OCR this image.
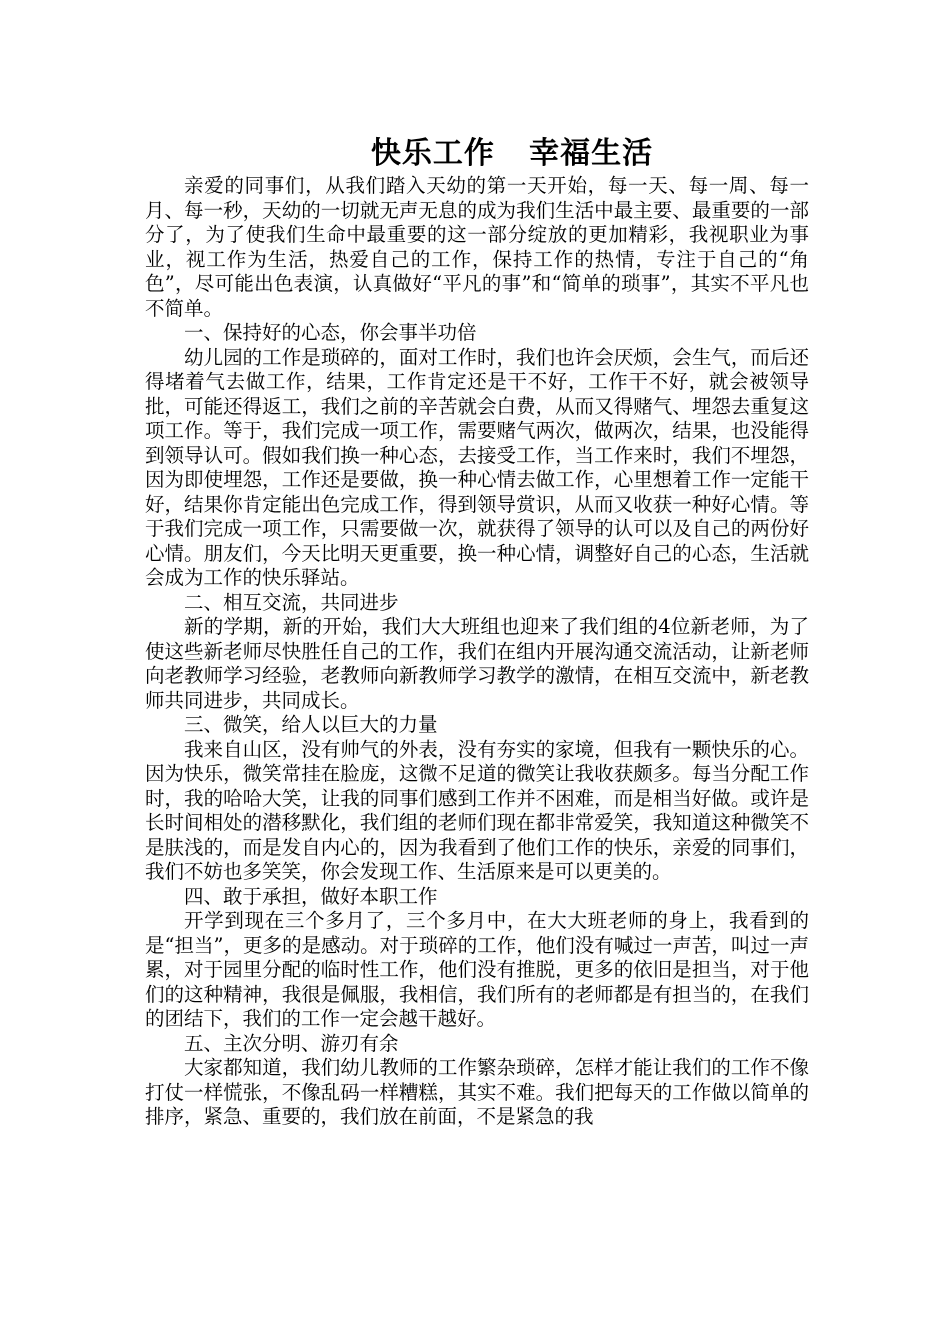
快乐工作   幸福生活

亲爱的同事们，从我们踏入天幼的第一天开始，每一天、每一周、每一月、每一秒，天幼的一切就无声无息的成为我们生活中最主要、最重要的一部分了，为了使我们生命中最重要的这一部分绽放的更加精彩，我视职业为事业，视工作为生活，热爱自己的工作，保持工作的热情，专注于自己的“角色”，尽可能出色表演，认真做好“平凡的事”和“简单的琐事”，其实不平凡也不简单。

一、保持好的心态，你会事半功倍

幼儿园的工作是琐碎的，面对工作时，我们也许会厌烦，会生气，而后还得堵着气去做工作，结果，工作肯定还是干不好，工作干不好，就会被领导批，可能还得返工，我们之前的辛苦就会白费，从而又得赌气、埋怨去重复这项工作。等于，我们完成一项工作，需要赌气两次，做两次，结果，也没能得到领导认可。假如我们换一种心态，去接受工作，当工作来时，我们不埋怨，因为即使埋怨，工作还是要做，换一种心情去做工作，心里想着工作一定能干好，结果你肯定能出色完成工作，得到领导赏识，从而又收获一种好心情。等于我们完成一项工作，只需要做一次，就获得了领导的认可以及自己的两份好心情。朋友们，今天比明天更重要，换一种心情，调整好自己的心态，生活就会成为工作的快乐驿站。

二、相互交流，共同进步

新的学期，新的开始，我们大大班组也迎来了我们组的4位新老师，为了使这些新老师尽快胜任自己的工作，我们在组内开展沟通交流活动，让新老师向老教师学习经验，老教师向新教师学习教学的激情，在相互交流中，新老教师共同进步，共同成长。

三、微笑，给人以巨大的力量

我来自山区，没有帅气的外表，没有夯实的家境，但我有一颗快乐的心。因为快乐，微笑常挂在脸庞，这微不足道的微笑让我收获颇多。每当分配工作时，我的哈哈大笑，让我的同事们感到工作并不困难，而是相当好做。或许是长时间相处的潜移默化，我们组的老师们现在都非常爱笑，我知道这种微笑不是肤浅的，而是发自内心的，因为我看到了他们工作的快乐，亲爱的同事们，我们不妨也多笑笑，你会发现工作、生活原来是可以更美的。

四、敢于承担，做好本职工作

开学到现在三个多月了，三个多月中，在大大班老师的身上，我看到的是“担当”，更多的是感动。对于琐碎的工作，他们没有喊过一声苦，叫过一声累，对于园里分配的临时性工作，他们没有推脱，更多的依旧是担当，对于他们的这种精神，我很是佩服，我相信，我们所有的老师都是有担当的，在我们的团结下，我们的工作一定会越干越好。

五、主次分明、游刃有余

大家都知道，我们幼儿教师的工作繁杂琐碎，怎样才能让我们的工作不像打仗一样慌张，不像乱码一样糟糕，其实不难。我们把每天的工作做以简单的排序，紧急、重要的，我们放在前面，不是紧急的我
